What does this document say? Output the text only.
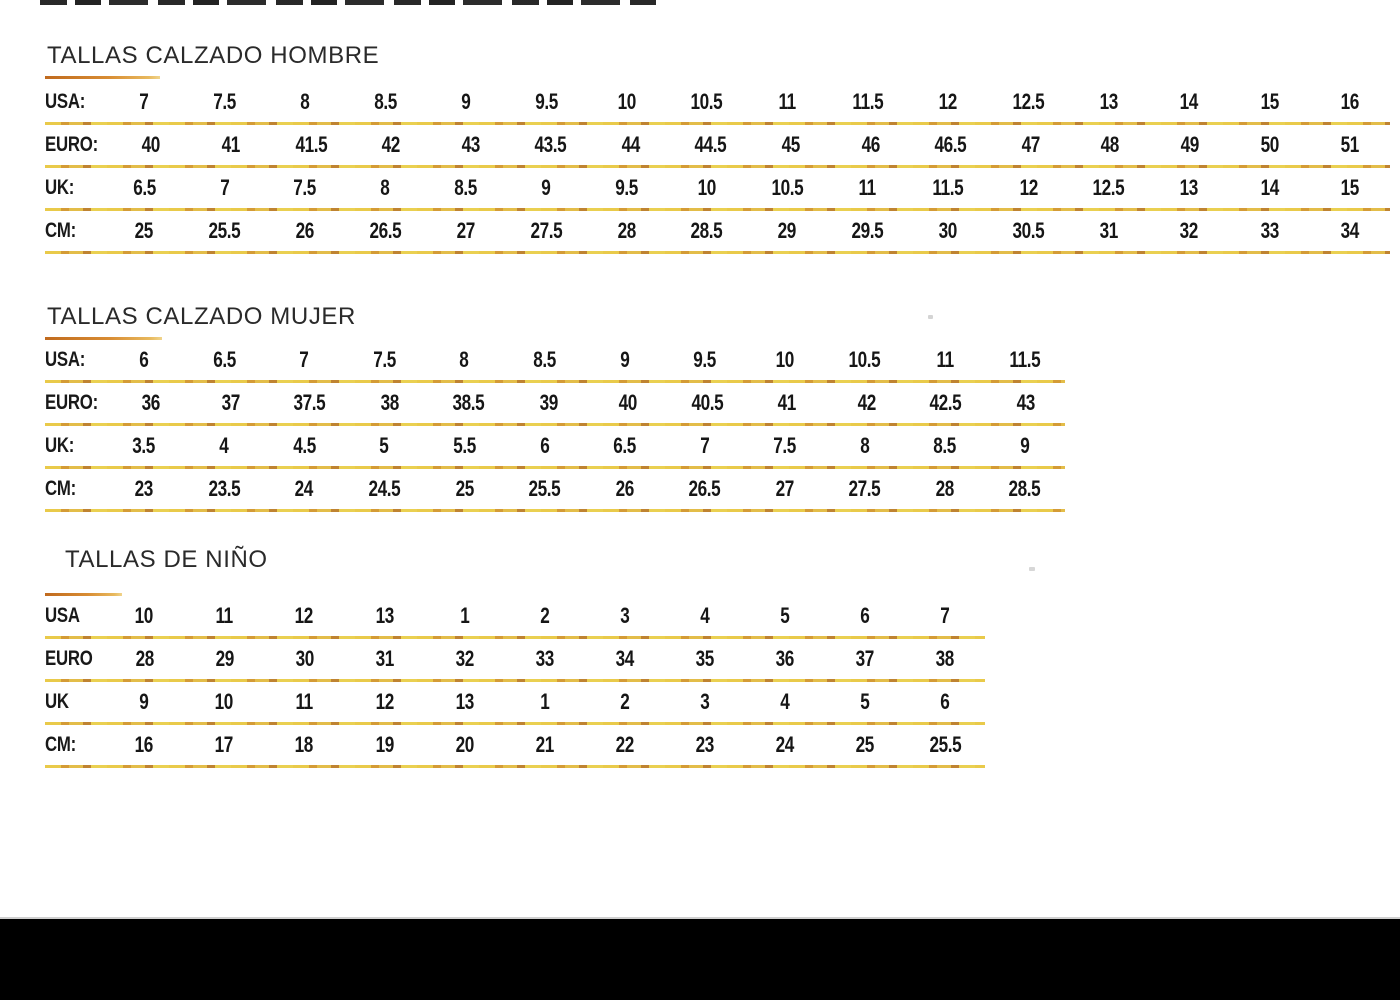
TALLAS CALZADO HOMBRE
USA:	7	7.5	8	8.5	9	9.5	10	10.5	11	11.5	12	12.5	13	14	15	16
EURO:	40	41	41.5	42	43	43.5	44	44.5	45	46	46.5	47	48	49	50	51
UK:	6.5	7	7.5	8	8.5	9	9.5	10	10.5	11	11.5	12	12.5	13	14	15
CM:	25	25.5	26	26.5	27	27.5	28	28.5	29	29.5	30	30.5	31	32	33	34
TALLAS CALZADO MUJER
USA:	6	6.5	7	7.5	8	8.5	9	9.5	10	10.5	11	11.5
EURO:	36	37	37.5	38	38.5	39	40	40.5	41	42	42.5	43
UK:	3.5	4	4.5	5	5.5	6	6.5	7	7.5	8	8.5	9
CM:	23	23.5	24	24.5	25	25.5	26	26.5	27	27.5	28	28.5
TALLAS DE NIÑO
USA	10	11	12	13	1	2	3	4	5	6	7
EURO	28	29	30	31	32	33	34	35	36	37	38
UK	9	10	11	12	13	1	2	3	4	5	6
CM:	16	17	18	19	20	21	22	23	24	25	25.5
